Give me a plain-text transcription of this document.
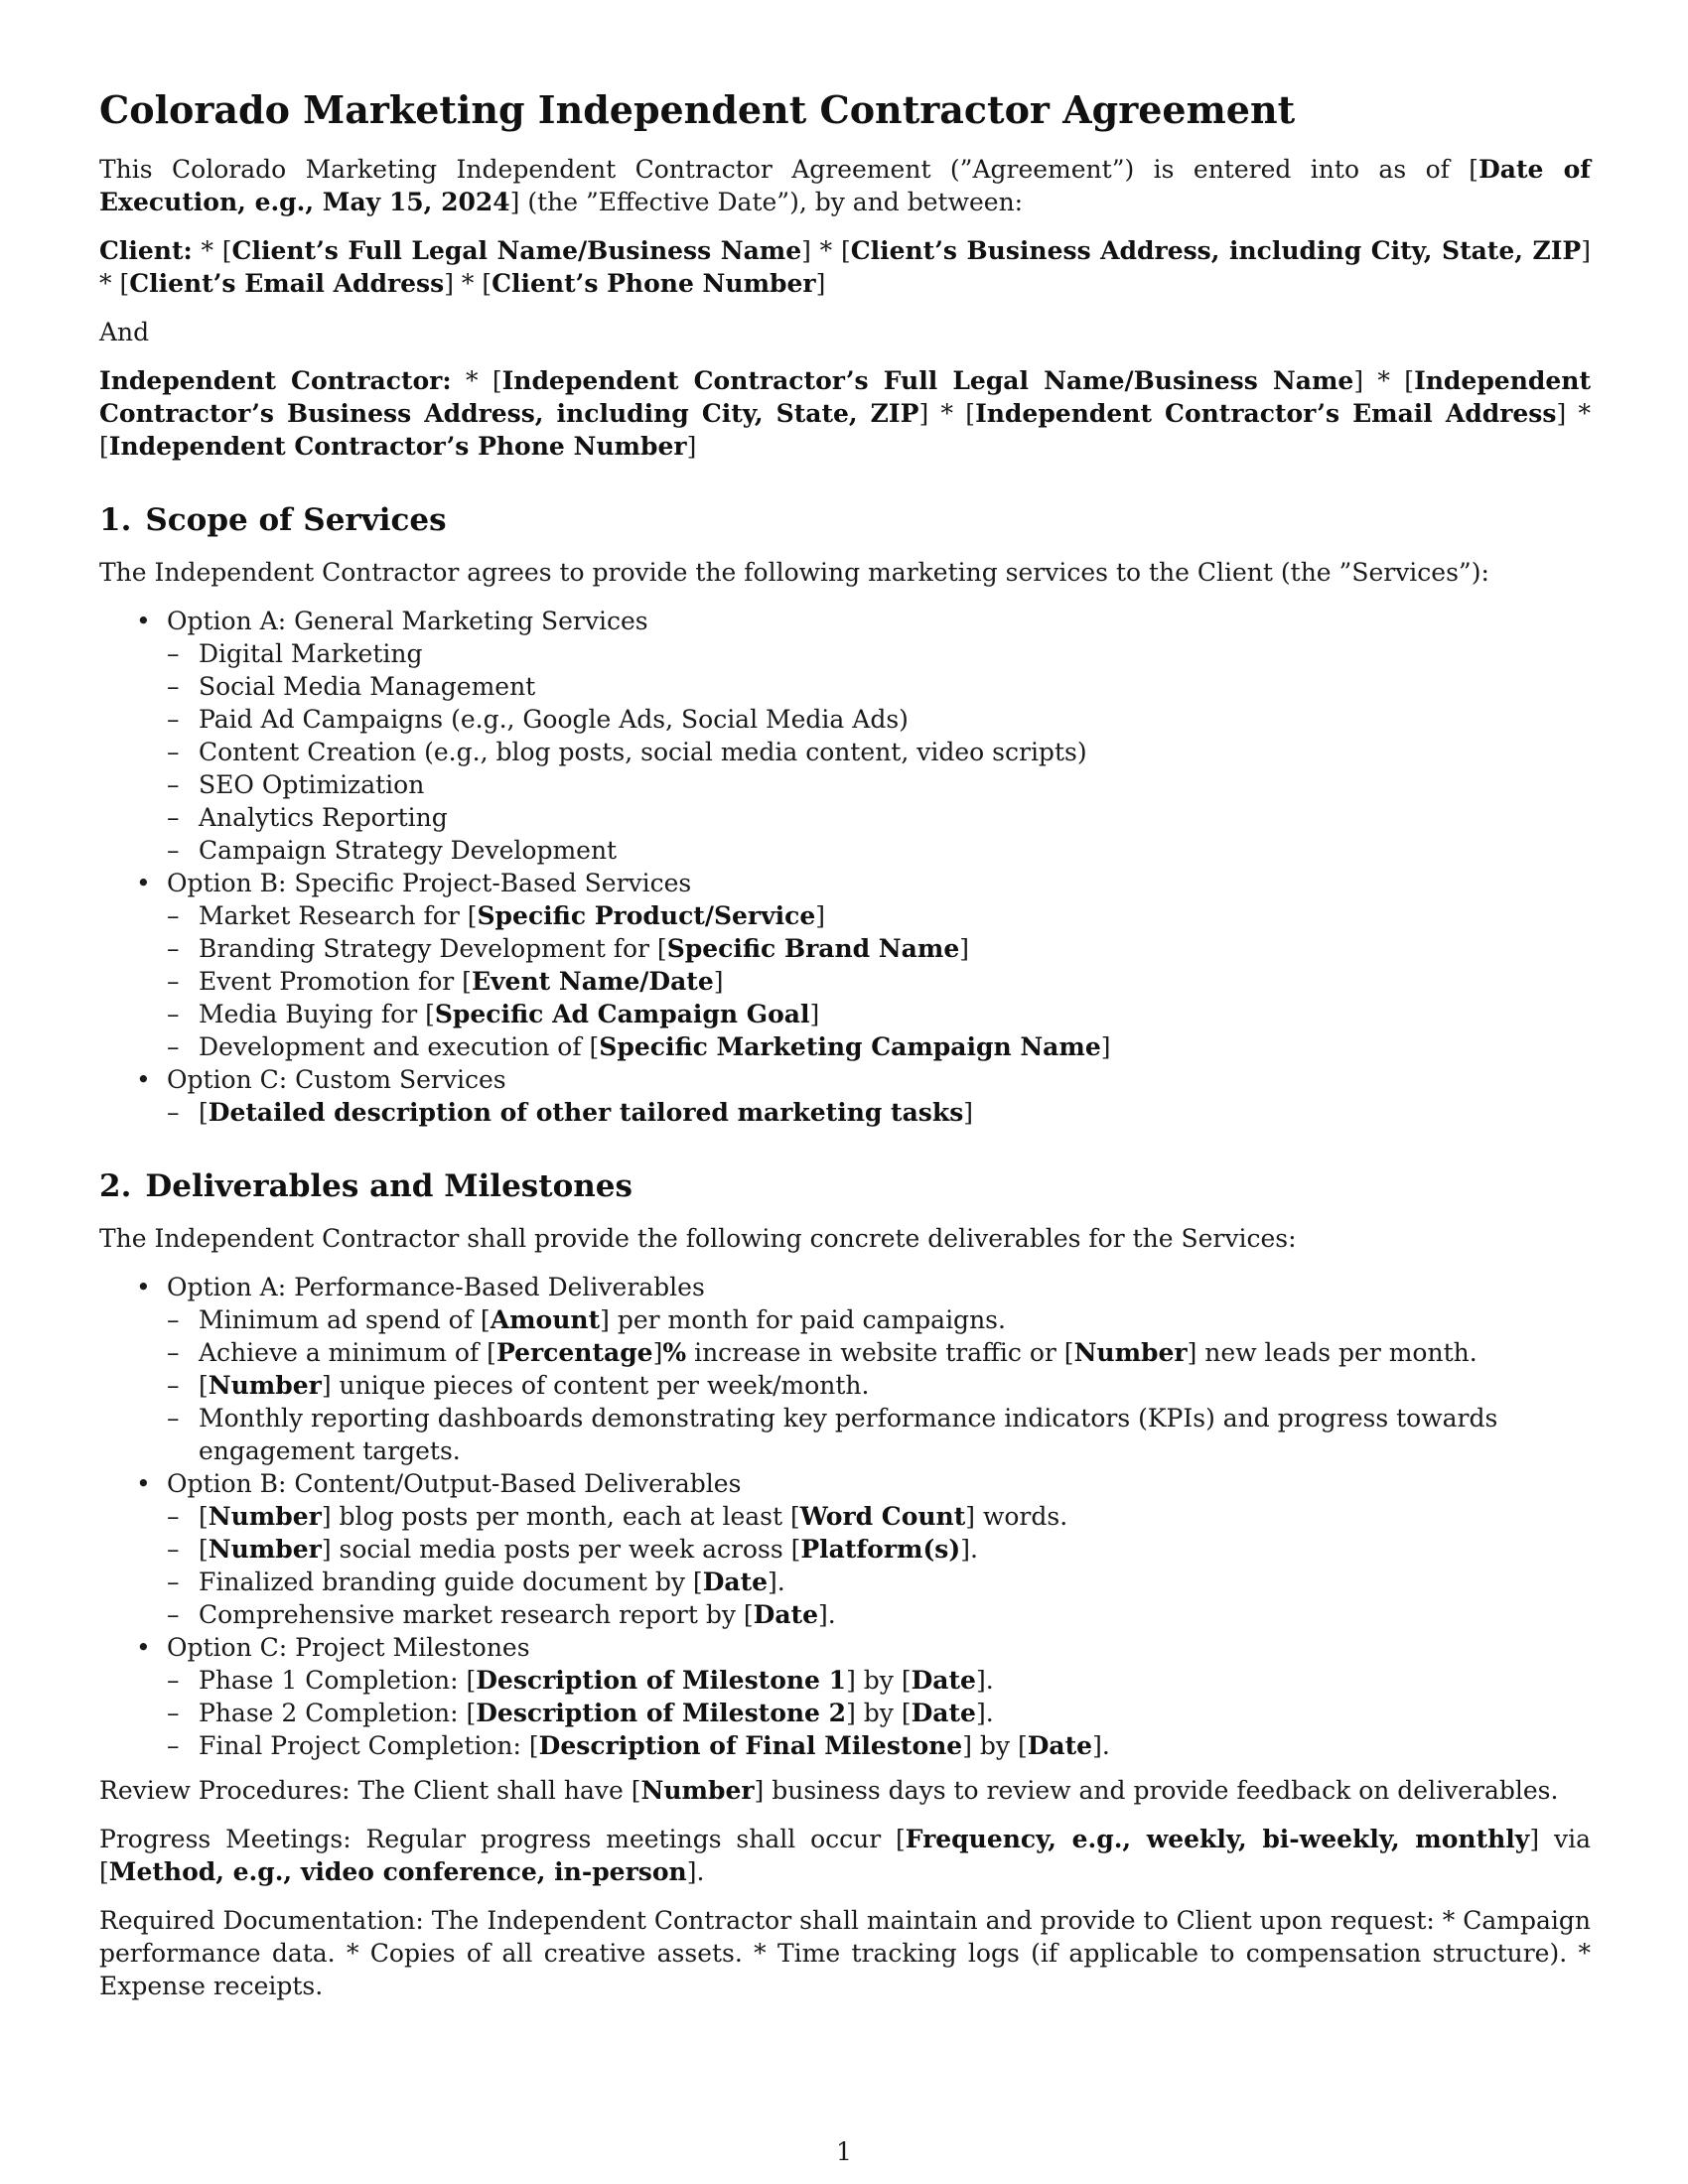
Colorado Marketing Independent Contractor Agreement

This Colorado Marketing Independent Contractor Agreement (”Agreement”) is entered into as of [Date of Execution, e.g., May 15, 2024] (the ”Effective Date”), by and between:

Client: * [Client’s Full Legal Name/Business Name] * [Client’s Business Address, including City, State, ZIP] * [Client’s Email Address] * [Client’s Phone Number]

And

Independent Contractor: * [Independent Contractor’s Full Legal Name/Business Name] * [Independent Contractor’s Business Address, including City, State, ZIP] * [Independent Contractor’s Email Address] * [Independent Contractor’s Phone Number]

1. Scope of Services

The Independent Contractor agrees to provide the following marketing services to the Client (the ”Services”):

• Option A: General Marketing Services
– Digital Marketing
– Social Media Management
– Paid Ad Campaigns (e.g., Google Ads, Social Media Ads)
– Content Creation (e.g., blog posts, social media content, video scripts)
– SEO Optimization
– Analytics Reporting
– Campaign Strategy Development
• Option B: Specific Project-Based Services
– Market Research for [Specific Product/Service]
– Branding Strategy Development for [Specific Brand Name]
– Event Promotion for [Event Name/Date]
– Media Buying for [Specific Ad Campaign Goal]
– Development and execution of [Specific Marketing Campaign Name]
• Option C: Custom Services
– [Detailed description of other tailored marketing tasks]
2. Deliverables and Milestones

The Independent Contractor shall provide the following concrete deliverables for the Services:

• Option A: Performance-Based Deliverables
– Minimum ad spend of [Amount] per month for paid campaigns.
– Achieve a minimum of [Percentage]% increase in website traffic or [Number] new leads per month.
– [Number] unique pieces of content per week/month.
– Monthly reporting dashboards demonstrating key performance indicators (KPIs) and progress towards engagement targets.
• Option B: Content/Output-Based Deliverables
– [Number] blog posts per month, each at least [Word Count] words.
– [Number] social media posts per week across [Platform(s)].
– Finalized branding guide document by [Date].
– Comprehensive market research report by [Date].
• Option C: Project Milestones
– Phase 1 Completion: [Description of Milestone 1] by [Date].
– Phase 2 Completion: [Description of Milestone 2] by [Date].
– Final Project Completion: [Description of Final Milestone] by [Date].

Review Procedures: The Client shall have [Number] business days to review and provide feedback on deliverables.

Progress Meetings: Regular progress meetings shall occur [Frequency, e.g., weekly, bi-weekly, monthly] via [Method, e.g., video conference, in-person].

Required Documentation: The Independent Contractor shall maintain and provide to Client upon request: * Campaign performance data. * Copies of all creative assets. * Time tracking logs (if applicable to compensation structure). * Expense receipts.

1
